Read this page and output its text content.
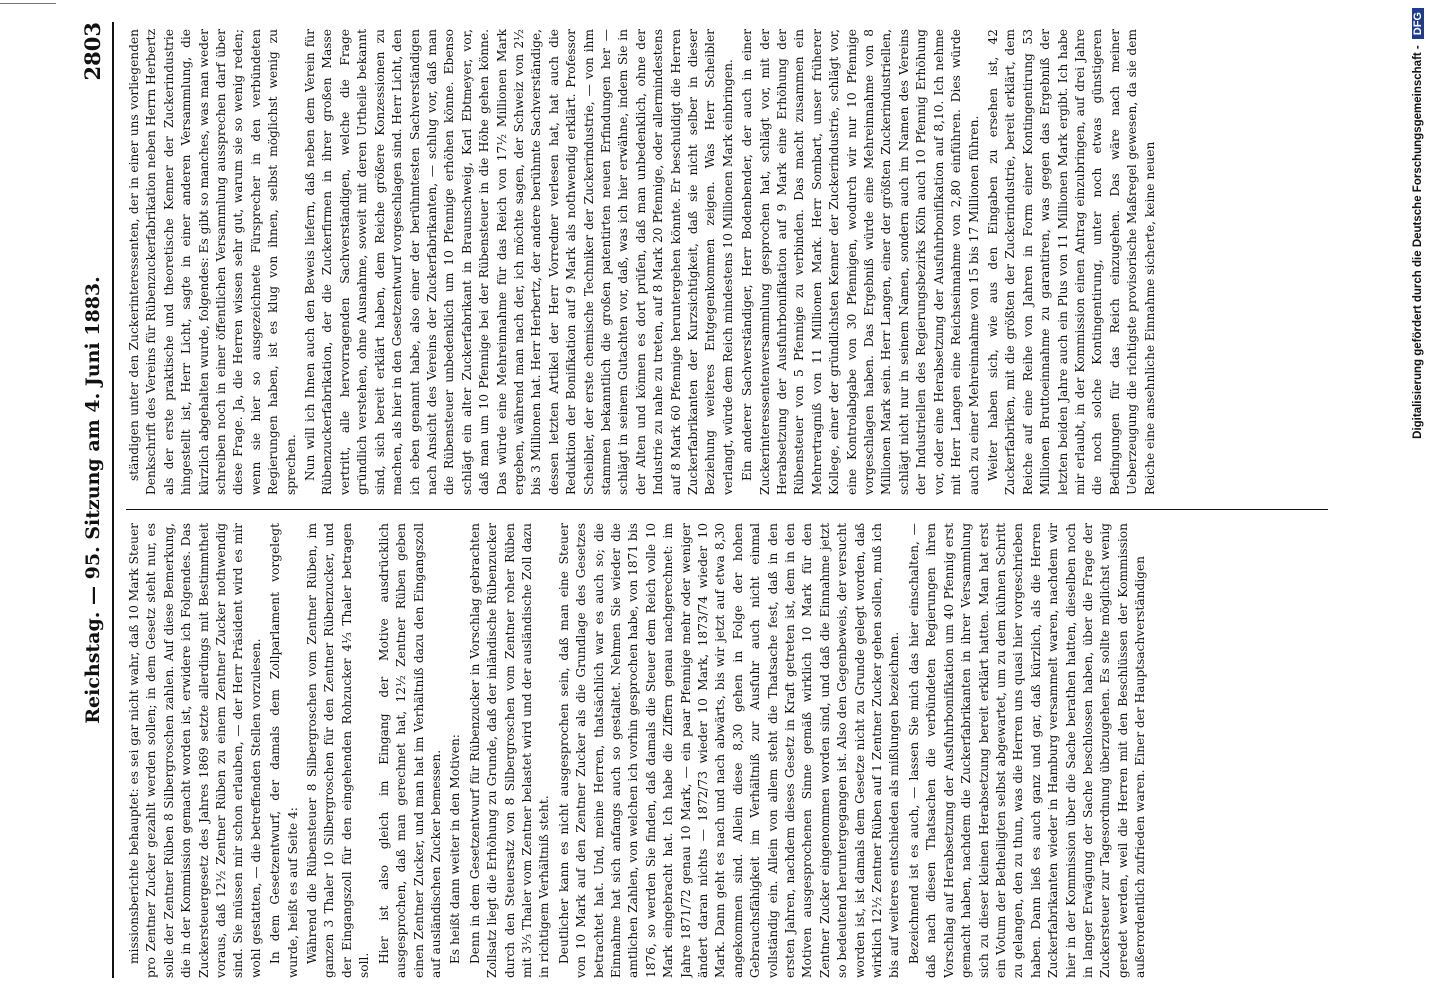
Reichstag. — 95. Sitzung am 4. Juni 1883.
2803

missionsberichte behauptet: es sei gar nicht wahr, daß 10 Mark Steuer pro Zentner Zucker gezahlt werden sollen; in dem Gesetz steht nur, es solle der Zentner Rüben 8 Silbergroschen zahlen. Auf diese Bemerkung, die in der Kommission gemacht worden ist, erwidere ich Folgendes. Das Zuckersteuergesetz des Jahres 1869 setzte allerdings mit Bestimmtheit voraus, daß 12½ Zentner Rüben zu einem Zentner Zucker nothwendig sind. Sie müssen mir schon erlauben, — der Herr Präsident wird es mir wohl gestatten, — die betreffenden Stellen vorzulesen. In dem Gesetzentwurf, der damals dem Zollparlament vorgelegt wurde, heißt es auf Seite 4: Während die Rübensteuer 8 Silbergroschen vom Zentner Rüben, im ganzen 3 Thaler 10 Silbergroschen für den Zentner Rübenzucker, und der Eingangszoll für den eingehenden Rohzucker 4⅓ Thaler betragen soll.

Hier ist also gleich im Eingang der Motive ausdrücklich ausgesprochen, daß man gerechnet hat, 12½ Zentner Rüben geben einen Zentner Zucker, und man hat im Verhältniß dazu den Eingangszoll auf ausländischen Zucker bemessen. Es heißt dann weiter in den Motiven: Denn in dem Gesetzentwurf für Rübenzucker in Vorschlag gebrachten Zollsatz liegt die Erhöhung zu Grunde, daß der inländische Rübenzucker durch den Steuersatz von 8 Silbergroschen vom Zentner roher Rüben mit 3⅓ Thaler vom Zentner belastet wird und der ausländische Zoll dazu in richtigem Verhältniß steht. Deutlicher kann es nicht ausgesprochen sein, daß man eine Steuer von 10 Mark auf den Zentner Zucker als die Grundlage des Gesetzes betrachtet hat. Und, meine Herren, thatsächlich war es auch so; die Einnahme hat sich anfangs auch so gestaltet. Nehmen Sie wieder die amtlichen Zahlen, von welchen ich vorhin gesprochen habe, von 1871 bis 1876, so werden Sie finden, daß damals die Steuer dem Reich volle 10 Mark eingebracht hat. Ich habe die Ziffern genau nachgerechnet: im Jahre 1871/72 genau 10 Mark, — ein paar Pfennige mehr oder weniger ändert daran nichts — 1872/73 wieder 10 Mark, 1873/74 wieder 10 Mark. Dann geht es nach und nach abwärts, bis wir jetzt auf etwa 8,30 angekommen sind. Allein diese 8,30 gehen in Folge der hohen Gebrauchsfähigkeit im Verhältniß zur Ausfuhr auch nicht einmal vollständig ein. Allein von allem steht die Thatsache fest, daß in den ersten Jahren, nachdem dieses Gesetz in Kraft getreten ist, dem in den Motiven ausgesprochenen Sinne gemäß wirklich 10 Mark für den Zentner Zucker eingenommen worden sind, und daß die Einnahme jetzt so bedeutend heruntergegangen ist. Also den Gegenbeweis, der versucht worden ist, ist damals dem Gesetze nicht zu Grunde gelegt worden, daß wirklich 12½ Zentner Rüben auf 1 Zentner Zucker gehen sollen, muß ich bis auf weiteres entschieden als mißlungen bezeichnen. Bezeichnend ist es auch, — lassen Sie mich das hier einschalten, — daß nach diesen Thatsachen die verbündeten Regierungen ihren Vorschlag auf Herabsetzung der Ausfuhrbonifikation um 40 Pfennig erst gemacht haben, nachdem die Zuckerfabrikanten in ihrer Versammlung sich zu dieser kleinen Herabsetzung bereit erklärt hatten. Man hat erst ein Votum der Betheiligten selbst abgewartet, um zu dem kühnen Schritt zu gelangen, den zu thun, was die Herren uns quasi hier vorgeschrieben haben. Dann ließ es auch ganz und gar, daß kürzlich, als die Herren Zuckerfabrikanten wieder in Hamburg versammelt waren, nachdem wir hier in der Kommission über die Sache berathen hatten, dieselben noch in langer Erwägung der Sache beschlossen haben, über die Frage der Zuckersteuer zur Tagesordnung überzugehen. Es sollte möglichst wenig geredet werden, weil die Herren mit den Beschlüssen der Kommission außerordentlich zufrieden waren. Einer der Hauptsachverständigen

ständigen unter den Zuckerinteressenten, der in einer uns vorliegenden Denkschrift des Vereins für Rübenzuckerfabrikation neben Herrn Herbertz als der erste praktische und theoretische Kenner der Zuckerindustrie hingestellt ist, Herr Licht, sagte in einer anderen Versammlung, die kürzlich abgehalten wurde, folgendes: Es gibt so manches, was man weder schreiben noch in einer öffentlichen Versammlung aussprechen darf über diese Frage. Ja, die Herren wissen sehr gut, warum sie so wenig reden; wenn sie hier so ausgezeichnete Fürsprecher in den verbündeten Regierungen haben, ist es klug von ihnen, selbst möglichst wenig zu sprechen. Nun will ich Ihnen auch den Beweis liefern, daß neben dem Verein für Rübenzuckerfabrikation, der die Zuckerfirmen in ihrer großen Masse vertritt, alle hervorragenden Sachverständigen, welche die Frage gründlich verstehen, ohne Ausnahme, soweit mit deren Urtheile bekannt sind, sich bereit erklärt haben, dem Reiche größere Konzessionen zu machen, als hier in den Gesetzentwurf vorgeschlagen sind. Herr Licht, den ich eben genannt habe, also einer der berühmtesten Sachverständigen nach Ansicht des Vereins der Zuckerfabrikanten, — schlug vor, daß man die Rübensteuer unbedenklich um 10 Pfennige erhöhen könne. Ebenso schlägt ein alter Zuckerfabrikant in Braunschweig, Karl Ebtmeyer, vor, daß man um 10 Pfennige bei der Rübensteuer in die Höhe gehen könne. Das würde eine Mehreinnahme für das Reich von 17½ Millionen Mark ergeben, während man nach der, ich möchte sagen, der Schweiz von 2½ bis 3 Millionen hat. Herr Herbertz, der andere berühmte Sachverständige, dessen letzten Artikel der Herr Vorredner verlesen hat, hat auch die Reduktion der Bonifikation auf 9 Mark als nothwendig erklärt. Professor Scheibler, der erste chemische Techniker der Zuckerindustrie, — von ihm stammen bekanntlich die großen patentirten neuen Erfindungen her — schlägt in seinem Gutachten vor, daß, was ich hier erwähne, indem Sie in der Alten und können es dort prüfen, daß man unbedenklich, ohne der Industrie zu nahe zu treten, auf 8 Mark 20 Pfennige, oder allermindestens auf 8 Mark 60 Pfennige heruntergehen könnte. Er beschuldigt die Herren Zuckerfabrikanten der Kurzsichtigkeit, daß sie nicht selber in dieser Beziehung weiteres Entgegenkommen zeigen. Was Herr Scheibler verlangt, würde dem Reich mindestens 10 Millionen Mark einbringen. Ein anderer Sachverständiger, Herr Bodenbender, der auch in einer Zuckerinteressentenversammlung gesprochen hat, schlägt vor, mit der Herabsetzung der Ausfuhrbonifikation auf 9 Mark eine Erhöhung der Rübensteuer von 5 Pfennige zu verbinden. Das macht zusammen ein Mehrertragniß von 11 Millionen Mark. Herr Sombart, unser früherer Kollege, einer der gründlichsten Kenner der Zuckerindustrie, schlägt vor, eine Kontrolabgabe von 30 Pfennigen, wodurch wir nur 10 Pfennige vorgeschlagen haben. Das Ergebniß würde eine Mehreinnahme von 8 Millionen Mark sein. Herr Langen, einer der größten Zuckerindustriellen, schlägt nicht nur in seinem Namen, sondern auch im Namen des Vereins der Industriellen des Regierungsbezirks Köln auch 10 Pfennig Erhöhung vor, oder eine Herabsetzung der Ausfuhrbonifikation auf 8,10. Ich nehme mit Herr Langen eine Reichseinnahme von 2,80 einführen. Dies würde auch zu einer Mehreinnahme von 15 bis 17 Millionen führen. Weiter haben sich, wie aus den Eingaben zu ersehen ist, 42 Zuckerfabriken, mit die größten der Zuckerindustrie, bereit erklärt, dem Reiche auf eine Reihe von Jahren in Form einer Kontingentirung 53 Millionen Bruttoeinnahme zu garantiren, was gegen das Ergebniß der letzten beiden Jahre auch ein Plus von 11 Millionen Mark ergibt. Ich habe mir erlaubt, in der Kommission einen Antrag einzubringen, auf drei Jahre die noch solche Kontingentirung, unter noch etwas günstigeren Bedingungen für das Reich einzugehen. Das wäre nach meiner Ueberzeugung die richtigste provisorische Maßregel gewesen, da sie dem Reiche eine ansehnliche Einnahme sicherte, keine neuen	Digitalisierung gefördert durch die Deutsche Forschungsgemeinschaft -DFG
